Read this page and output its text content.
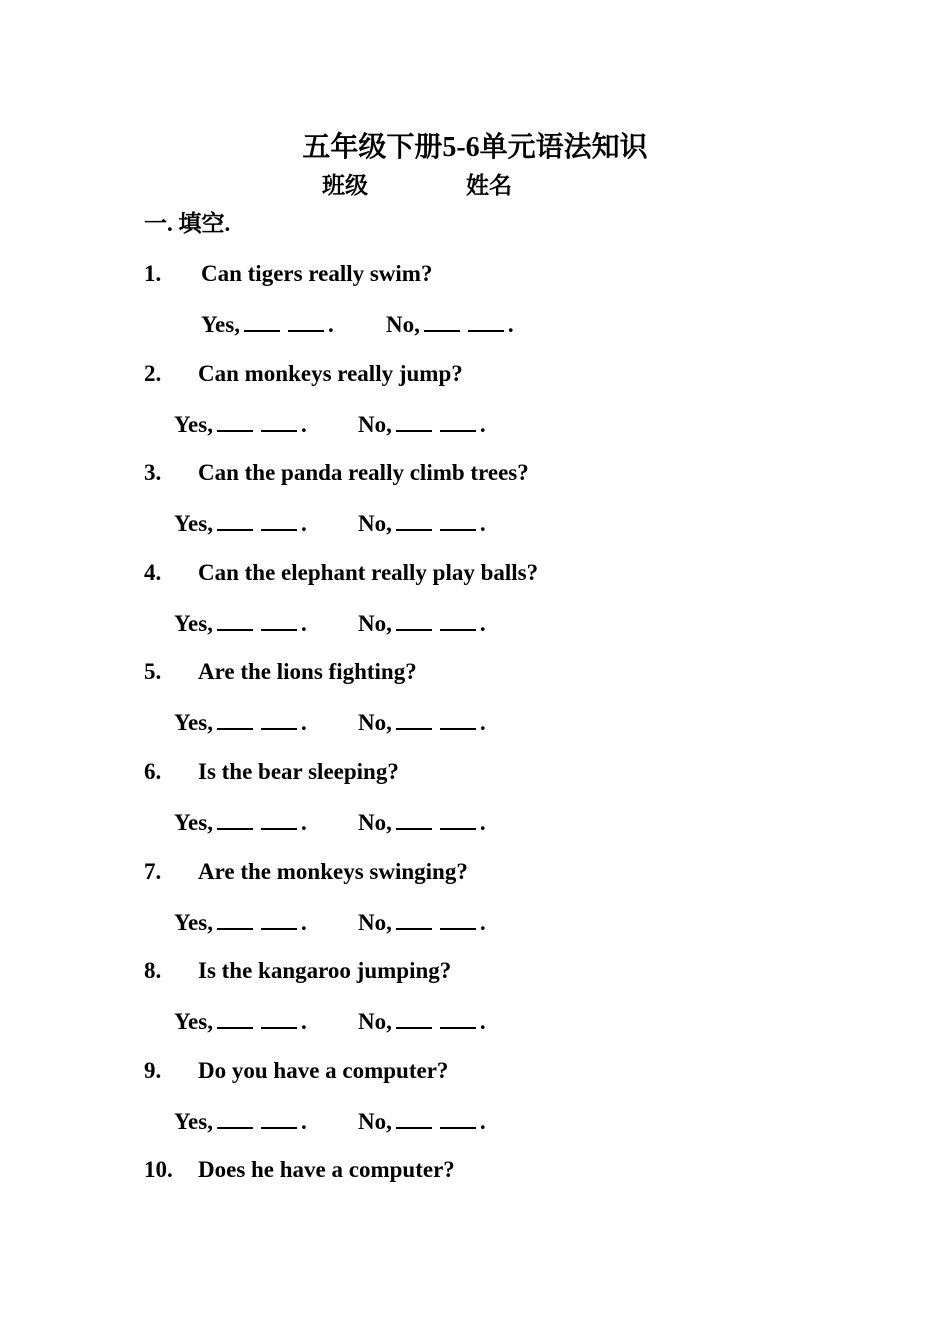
五年级下册5-6单元语法知识
班级	姓名
一. 填空.
1. Can tigers really swim?
Yes,	. No,	.
2. Can monkeys really jump?
Yes,	. No,	.
3. Can the panda really climb trees?
Yes,	. No,	.
4. Can the elephant really play balls?
Yes,	. No,	.
5. Are the lions fighting?
Yes,	. No,	.
6. Is the bear sleeping?
Yes,	. No,	.
7. Are the monkeys swinging?
Yes,	. No,	.
8. Is the kangaroo jumping?
Yes,	. No,	.
9. Do you have a computer?
Yes,	. No,	.
10. Does he have a computer?
